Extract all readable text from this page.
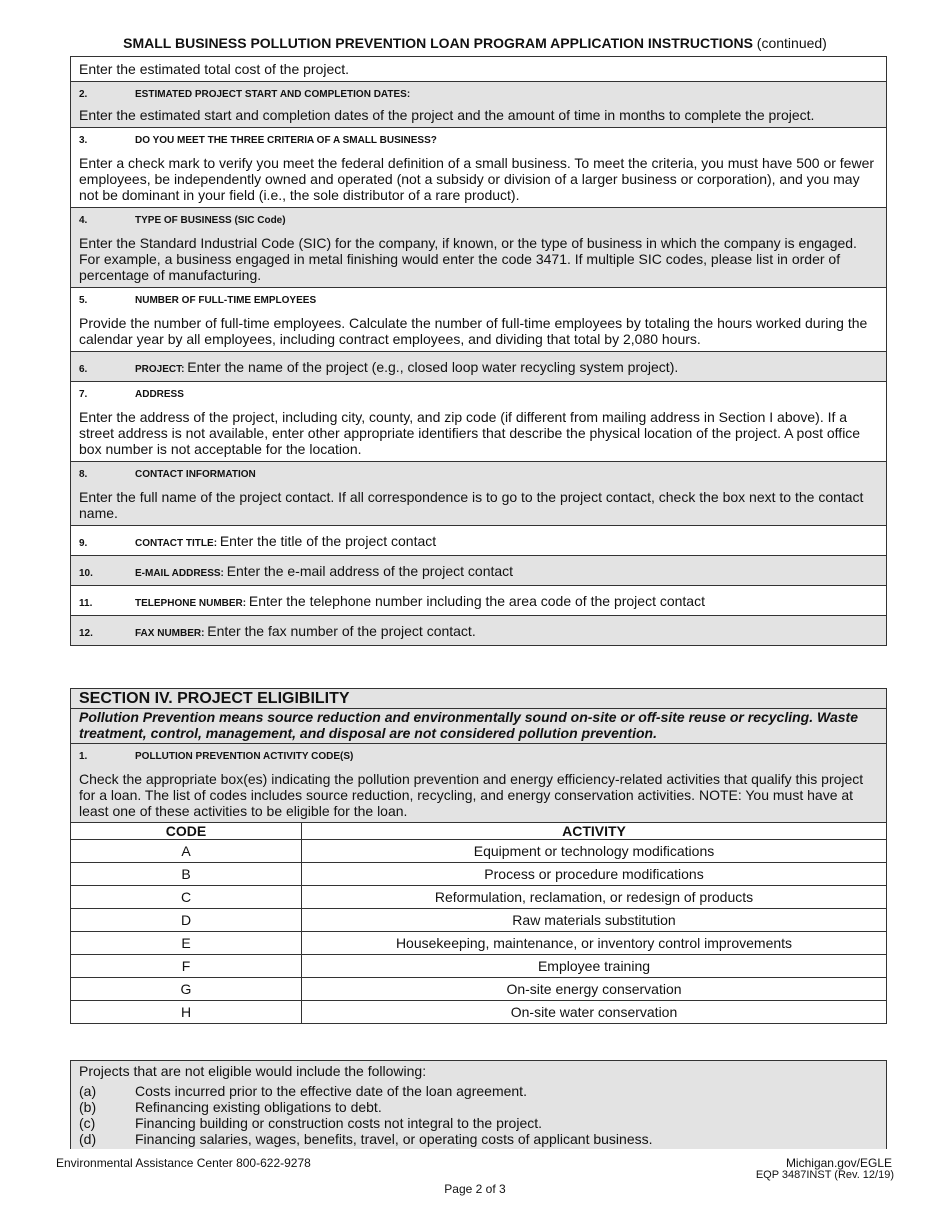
SMALL BUSINESS POLLUTION PREVENTION LOAN PROGRAM APPLICATION INSTRUCTIONS (continued)
Enter the estimated total cost of the project.
2.	ESTIMATED PROJECT START AND COMPLETION DATES:
Enter the estimated start and completion dates of the project and the amount of time in months to complete the project.
3.	DO YOU MEET THE THREE CRITERIA OF A SMALL BUSINESS?
Enter a check mark to verify you meet the federal definition of a small business. To meet the criteria, you must have 500 or fewer employees, be independently owned and operated (not a subsidy or division of a larger business or corporation), and you may not be dominant in your field (i.e., the sole distributor of a rare product).
4.	TYPE OF BUSINESS (SIC Code)
Enter the Standard Industrial Code (SIC) for the company, if known, or the type of business in which the company is engaged. For example, a business engaged in metal finishing would enter the code 3471. If multiple SIC codes, please list in order of percentage of manufacturing.
5.	NUMBER OF FULL-TIME EMPLOYEES
Provide the number of full-time employees. Calculate the number of full-time employees by totaling the hours worked during the calendar year by all employees, including contract employees, and dividing that total by 2,080 hours.
6.	PROJECT:
Enter the name of the project (e.g., closed loop water recycling system project).
7.	ADDRESS
Enter the address of the project, including city, county, and zip code (if different from mailing address in Section I above). If a street address is not available, enter other appropriate identifiers that describe the physical location of the project. A post office box number is not acceptable for the location.
8.	CONTACT INFORMATION
Enter the full name of the project contact. If all correspondence is to go to the project contact, check the box next to the contact name.
9.	CONTACT TITLE:
Enter the title of the project contact
10.	E-MAIL ADDRESS:
Enter the e-mail address of the project contact
11.	TELEPHONE NUMBER:
Enter the telephone number including the area code of the project contact
12.	FAX NUMBER:
Enter the fax number of the project contact.
SECTION IV. PROJECT ELIGIBILITY
Pollution Prevention means source reduction and environmentally sound on-site or off-site reuse or recycling. Waste treatment, control, management, and disposal are not considered pollution prevention.
1.	POLLUTION PREVENTION ACTIVITY CODE(S)
Check the appropriate box(es) indicating the pollution prevention and energy efficiency-related activities that qualify this project for a loan. The list of codes includes source reduction, recycling, and energy conservation activities. NOTE: You must have at least one of these activities to be eligible for the loan.
CODE	ACTIVITY
A	Equipment or technology modifications
B	Process or procedure modifications
C	Reformulation, reclamation, or redesign of products
D	Raw materials substitution
E	Housekeeping, maintenance, or inventory control improvements
F	Employee training
G	On-site energy conservation
H	On-site water conservation
Projects that are not eligible would include the following:
(a)	Costs incurred prior to the effective date of the loan agreement.
(b)	Refinancing existing obligations to debt.
(c)	Financing building or construction costs not integral to the project.
(d)	Financing salaries, wages, benefits, travel, or operating costs of applicant business.
Environmental Assistance Center 800-622-9278	Michigan.gov/EGLE
EQP 3487INST (Rev. 12/19)
Page 2 of 3
